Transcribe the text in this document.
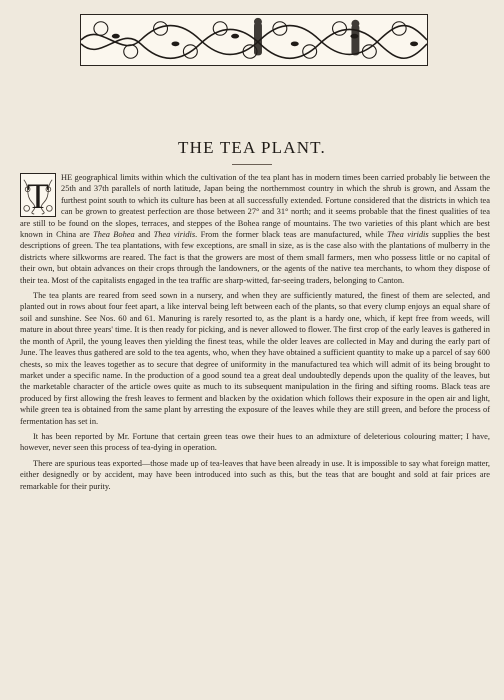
THE TEA PLANT.

T	HE geographical limits within which the cultivation of the tea plant has in modern times been carried probably lie between the 25th and 37th parallels of north latitude, Japan being the northernmost country in which the shrub is grown, and Assam the furthest point south to which its culture has been at all successfully extended. Fortune considered that the districts in which tea can be grown to greatest perfection are those between 27° and 31° north; and it seems probable that the finest qualities of tea are still to be found on the slopes, terraces, and steppes of the Bohea range of mountains. The two varieties of this plant which are best known in China are Thea Bohea and Thea viridis. From the former black teas are manufactured, while Thea viridis supplies the best descriptions of green. The tea plantations, with few exceptions, are small in size, as is the case also with the plantations of mulberry in the districts where silkworms are reared. The fact is that the growers are most of them small farmers, men who possess little or no capital of their own, but obtain advances on their crops through the landowners, or the agents of the native tea merchants, to whom they dispose of their tea. Most of the capitalists engaged in the tea traffic are sharp-witted, far-seeing traders, belonging to Canton.

The tea plants are reared from seed sown in a nursery, and when they are sufficiently matured, the finest of them are selected, and planted out in rows about four feet apart, a like interval being left between each of the plants, so that every clump enjoys an equal share of soil and sunshine. See Nos. 60 and 61. Manuring is rarely resorted to, as the plant is a hardy one, which, if kept free from weeds, will mature in about three years' time. It is then ready for picking, and is never allowed to flower. The first crop of the early leaves is gathered in the month of April, the young leaves then yielding the finest teas, while the older leaves are collected in May and during the early part of June. The leaves thus gathered are sold to the tea agents, who, when they have obtained a sufficient quantity to make up a parcel of say 600 chests, so mix the leaves together as to secure that degree of uniformity in the manufactured tea which will admit of its being brought to market under a specific name. In the production of a good sound tea a great deal undoubtedly depends upon the quality of the leaves, but the marketable character of the article owes quite as much to its subsequent manipulation in the firing and sifting rooms. Black teas are produced by first allowing the fresh leaves to ferment and blacken by the oxidation which follows their exposure in the open air and light, while green tea is obtained from the same plant by arresting the exposure of the leaves while they are still green, and before the process of fermentation has set in.

It has been reported by Mr. Fortune that certain green teas owe their hues to an admixture of deleterious colouring matter; I have, however, never seen this process of tea-dying in operation.

There are spurious teas exported—those made up of tea-leaves that have been already in use. It is impossible to say what foreign matter, either designedly or by accident, may have been introduced into such as this, but the teas that are bought and sold at fair prices are remarkable for their purity.
